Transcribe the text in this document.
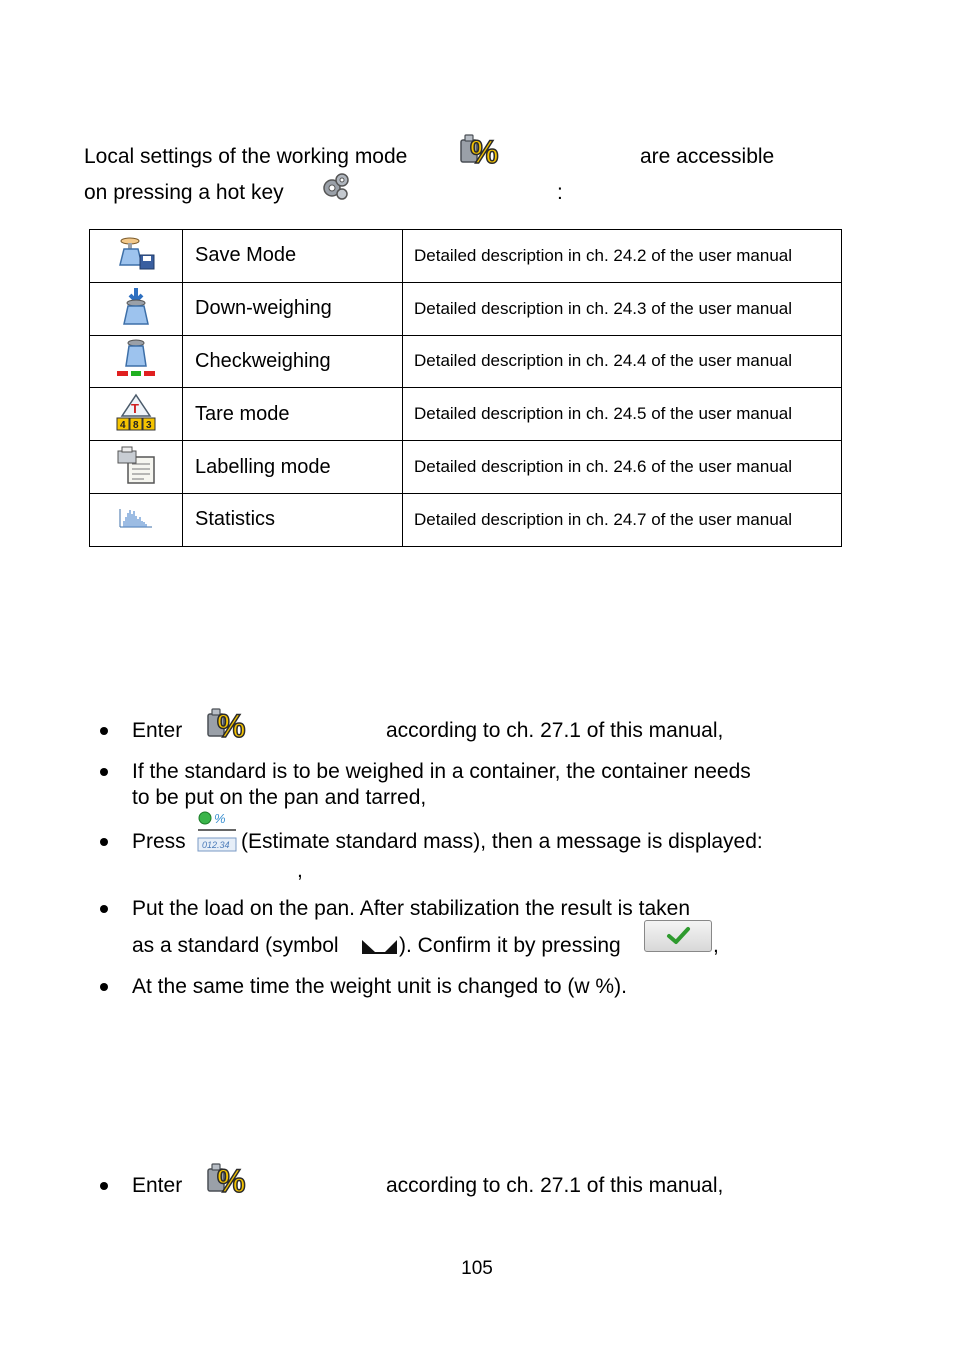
Local settings of the working mode	are accessible
on pressing a hot key	:
	Save Mode	Detailed description in ch. 24.2 of the user manual
	Down-weighing	Detailed description in ch. 24.3 of the user manual
	Checkweighing	Detailed description in ch. 24.4 of the user manual

T
4 8 3	Tare mode	Detailed description in ch. 24.5 of the user manual
	Labelling mode	Detailed description in ch. 24.6 of the user manual
	Statistics	Detailed description in ch. 24.7 of the user manual
Enter	according to ch. 27.1 of this manual,
If the standard is to be weighed in a container, the container needs
to be put on the pan and tarred,
Press
%
012.34 (Estimate standard mass), then a message is displayed:
,
Put the load on the pan. After stabilization the result is taken
as a standard (symbol	). Confirm it by pressing	,
At the same time the weight unit is changed to (w %).
Enter	according to ch. 27.1 of this manual,
105
